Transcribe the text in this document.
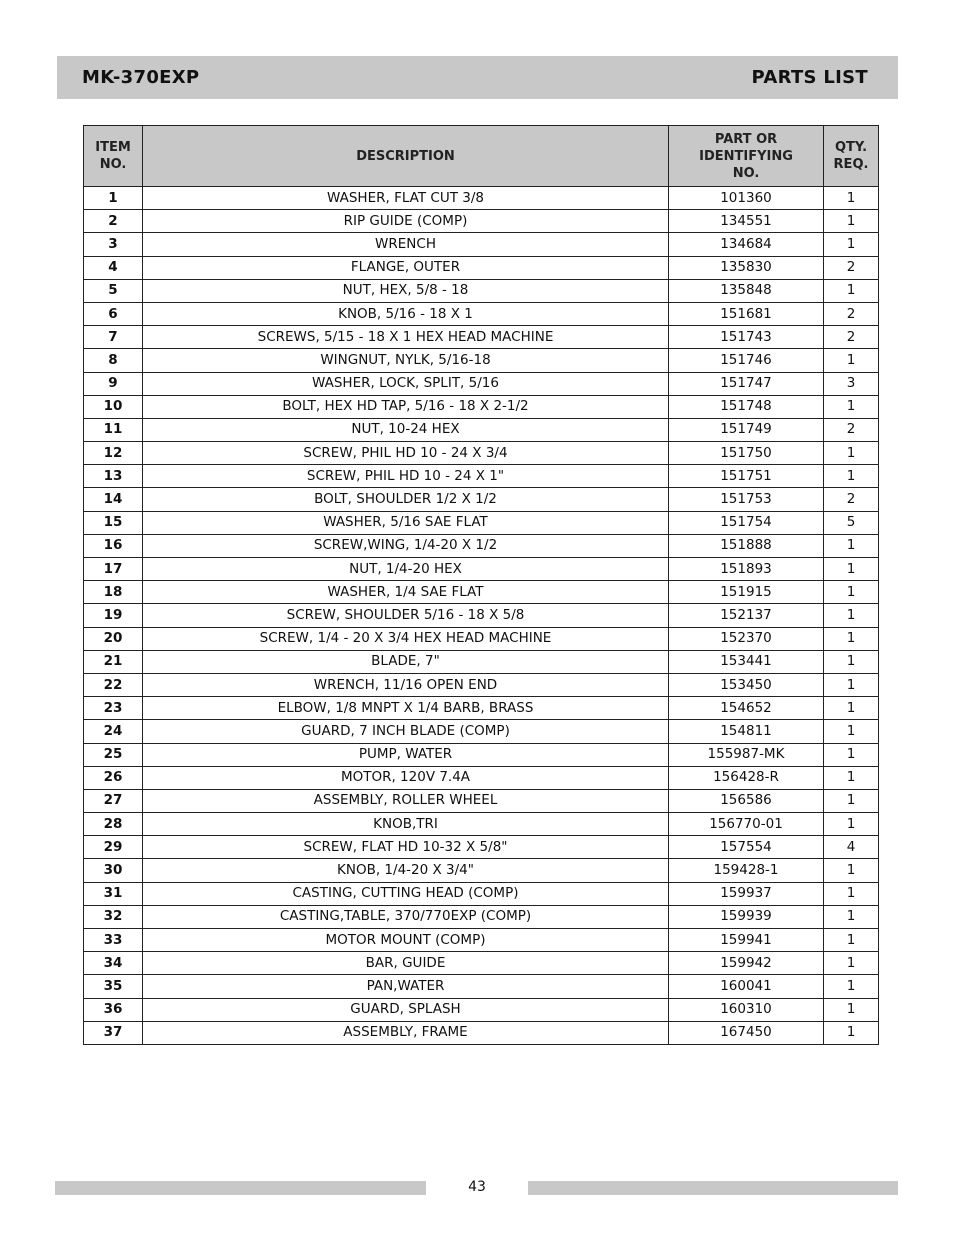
MK-370EXP	PARTS LIST
ITEM NO.	DESCRIPTION	PART OR IDENTIFYING NO.	QTY. REQ.
1	WASHER, FLAT CUT 3/8	101360	1
2	RIP GUIDE (COMP)	134551	1
3	WRENCH	134684	1
4	FLANGE, OUTER	135830	2
5	NUT, HEX, 5/8 - 18	135848	1
6	KNOB, 5/16 - 18 X 1	151681	2
7	SCREWS, 5/15 - 18 X 1 HEX HEAD MACHINE	151743	2
8	WINGNUT, NYLK, 5/16-18	151746	1
9	WASHER, LOCK, SPLIT, 5/16	151747	3
10	BOLT, HEX HD TAP, 5/16 - 18 X 2-1/2	151748	1
11	NUT, 10-24 HEX	151749	2
12	SCREW, PHIL HD 10 - 24 X 3/4	151750	1
13	SCREW, PHIL HD 10 - 24 X 1"	151751	1
14	BOLT, SHOULDER 1/2 X 1/2	151753	2
15	WASHER, 5/16 SAE FLAT	151754	5
16	SCREW,WING, 1/4-20 X 1/2	151888	1
17	NUT, 1/4-20 HEX	151893	1
18	WASHER, 1/4 SAE FLAT	151915	1
19	SCREW, SHOULDER 5/16 - 18 X 5/8	152137	1
20	SCREW, 1/4 - 20 X 3/4 HEX HEAD MACHINE	152370	1
21	BLADE, 7"	153441	1
22	WRENCH, 11/16 OPEN END	153450	1
23	ELBOW, 1/8 MNPT X 1/4 BARB, BRASS	154652	1
24	GUARD, 7 INCH BLADE (COMP)	154811	1
25	PUMP, WATER	155987-MK	1
26	MOTOR, 120V 7.4A	156428-R	1
27	ASSEMBLY, ROLLER WHEEL	156586	1
28	KNOB,TRI	156770-01	1
29	SCREW, FLAT HD 10-32 X 5/8"	157554	4
30	KNOB, 1/4-20 X 3/4"	159428-1	1
31	CASTING, CUTTING HEAD (COMP)	159937	1
32	CASTING,TABLE, 370/770EXP (COMP)	159939	1
33	MOTOR MOUNT (COMP)	159941	1
34	BAR, GUIDE	159942	1
35	PAN,WATER	160041	1
36	GUARD, SPLASH	160310	1
37	ASSEMBLY, FRAME	167450	1
43
